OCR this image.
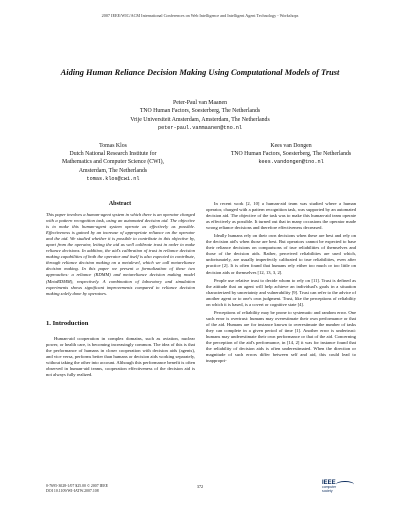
2007 IEEE/WIC/ACM International Conferences on Web Intelligence and Intelligent Agent Technology - Workshops
Aiding Human Reliance Decision Making Using Computational Models of Trust
Peter-Paul van Maanen
TNO Human Factors, Soesterberg, The Netherlands
Vrije Universiteit Amsterdam, Amsterdam, The Netherlands
peter-paul.vanmaanen@tno.nl
Tomas Klos
Dutch National Research Institute for
Mathematics and Computer Science (CWI),
Amsterdam, The Netherlands
tomas.klos@cwi.nl
Kees van Dongen
TNO Human Factors, Soesterberg, The Netherlands
kees.vandongen@tno.nl
Abstract

This paper involves a human-agent system in which there is an operator charged with a pattern recognition task, using an automated decision aid. The objective is to make this human-agent system operate as effectively as possible. Effectiveness is gained by an increase of appropriate reliance on the operator and the aid. We studied whether it is possible to contribute to this objective by, apart from the operator, letting the aid as well calibrate trust in order to make reliance decisions. In addition, the aid's calibration of trust in reliance decision making capabilities of both the operator and itself is also expected to contribute, through reliance decision making on a metalevel, which we call metareliance decision making. In this paper we present a formalization of these two approaches: a reliance (RDMM) and metareliance decision making model (MetaRDMM), respectively. A combination of laboratory and simulation experiments shows significant improvements compared to reliance decision making solely done by operators.

1. Introduction

Human-aid cooperation in complex domains, such as aviation, nuclear power, or health care, is becoming increasingly common. The idea of this is that the performance of humans in closer cooperation with decision aids (agents), and vice versa, performs better than humans or decision aids working separately, without taking the other into account. Although this performance benefit is often observed in human-aid teams, cooperation effectiveness of the decision aid is not always fully realized.

In recent work [2, 10] a human-aid team was studied where a human operator, charged with a pattern recognition task, was supported by an automated decision aid. The objective of the task was to make this human-aid team operate as effectively as possible. It turned out that in many occasions the operator made wrong reliance decisions and therefore effectiveness decreased.

Ideally humans rely on their own decisions when these are best and rely on the decision aid's when those are best. But operators cannot be expected to base their reliance decisions on comparisons of true reliabilities of themselves and those of the decision aids. Rather, perceived reliabilities are used which, unfortunately, are usually imperfectly calibrated to true reliabilities, even after practice [2]. It is often found that humans rely either too much or too little on decision aids or themselves [12, 13, 3, 2].

People use relative trust to decide whom to rely on [11]. Trust is defined as the attitude that an agent will help achieve an individual's goals in a situation characterized by uncertainty and vulnerability [9]. Trust can refer to the advice of another agent or to one's own judgment. Trust, like the perceptions of reliability on which it is based, is a covert or cognitive state [4].

Perceptions of reliability may be prone to systematic and random error. One such error is overtrust: humans may overestimate their own performance or that of the aid. Humans are for instance known to overestimate the number of tasks they can complete in a given period of time [1]. Another error is undertrust: humans may underestimate their own performance or that of the aid. Concerning the perception of the aid's performance, in [14, 2] it was for instance found that the reliability of decision aids is often underestimated. When the direction or magnitude of such errors differ between self and aid, this could lead to inappropri-

0-7695-3028-1/07 $25.00 © 2007 IEEE
DOI 10.1109/WI-IATW.2007.108
372
IEEE
computer
society
